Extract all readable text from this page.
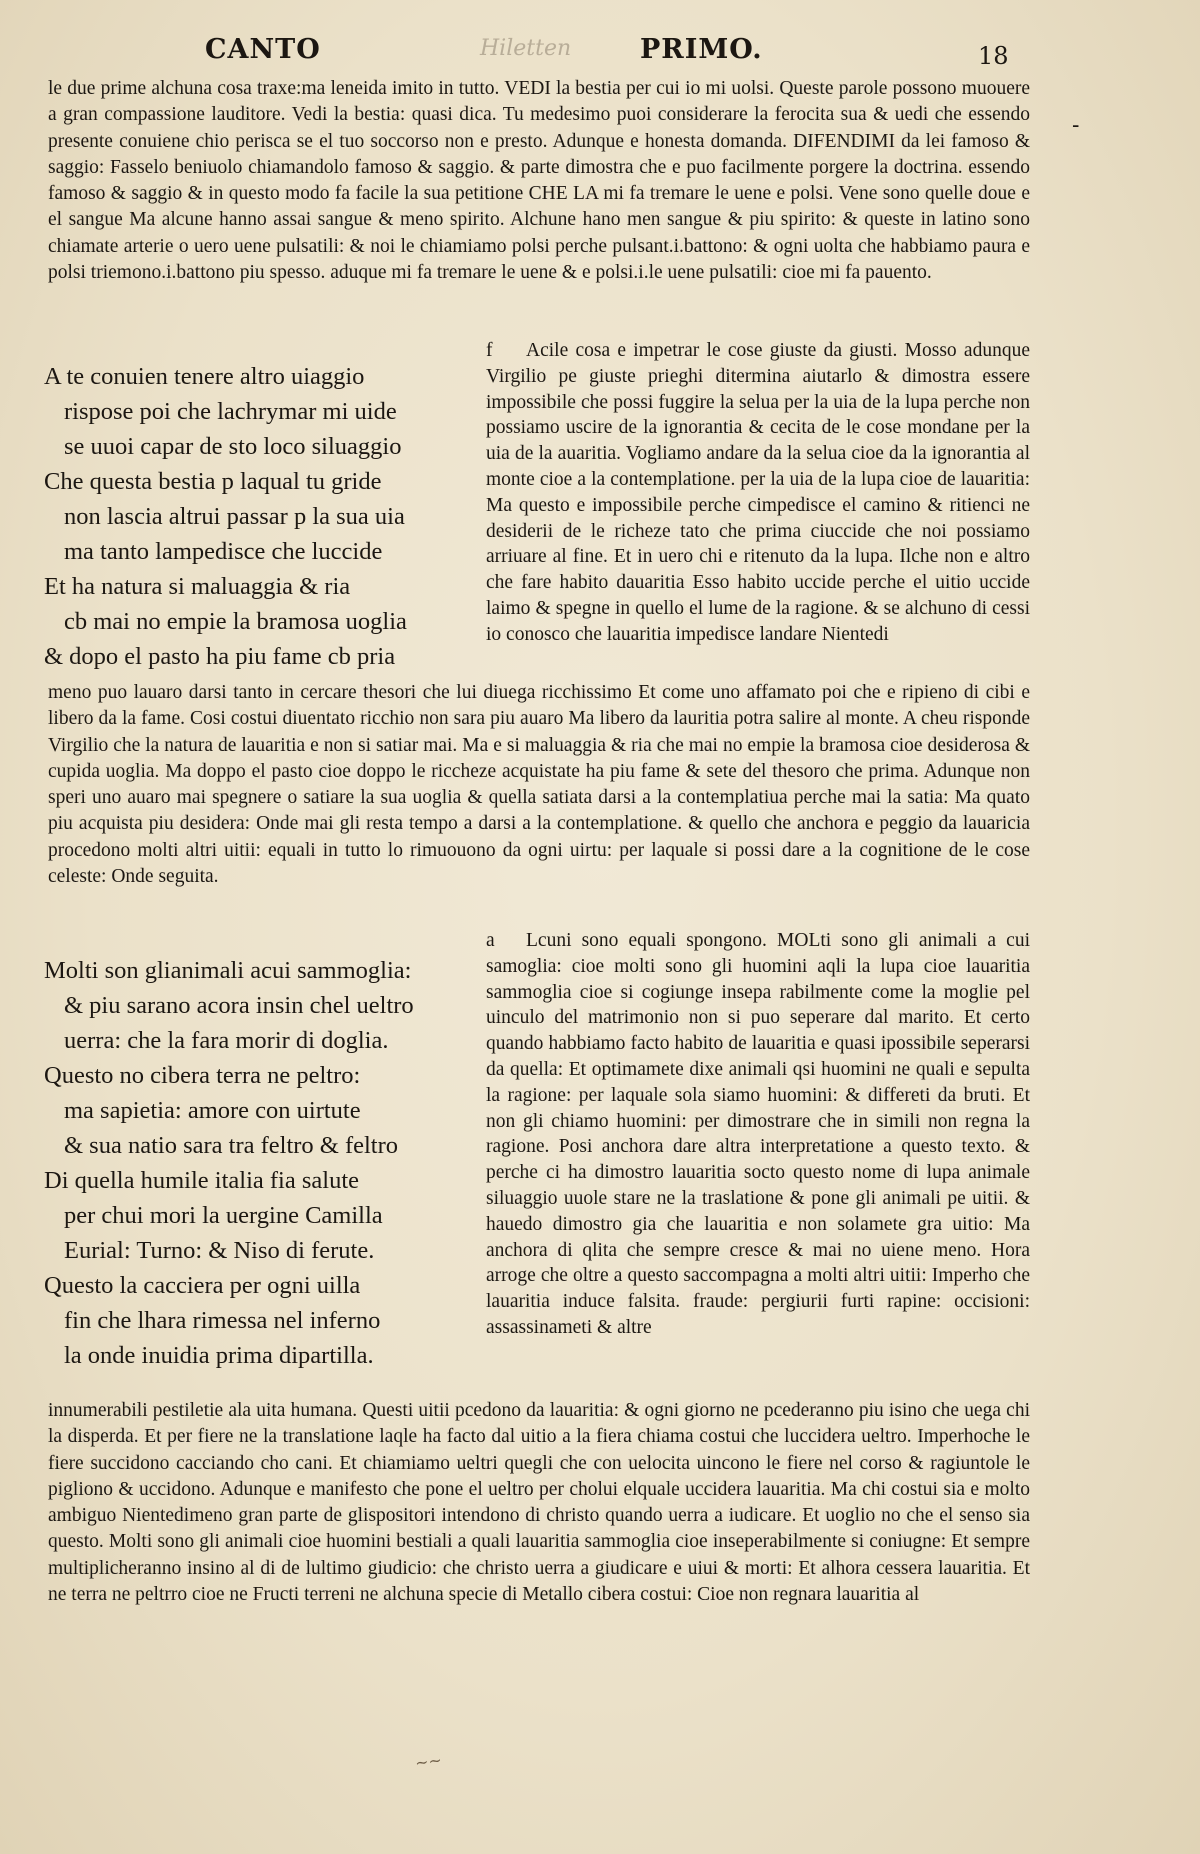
CANTO	Hiletten	PRIMO.	18
-
le due prime alchuna cosa traxe:ma leneida imito in tutto. VEDI la bestia per cui io mi uolsi. Queste parole possono muouere a gran compassione lauditore. Vedi la bestia: quasi dica. Tu medesimo puoi considerare la ferocita sua & uedi che essendo presente conuiene chio perisca se el tuo soccorso non e presto. Adunque e honesta domanda. DIFENDIMI da lei famoso & saggio: Fasselo beniuolo chiamandolo famoso & saggio. & parte dimostra che e puo facilmente porgere la doctrina. essendo famoso & saggio & in questo modo fa facile la sua petitione CHE LA mi fa tremare le uene e polsi. Vene sono quelle doue e el sangue Ma alcune hanno assai sangue & meno spirito. Alchune hano men sangue & piu spirito: & queste in latino sono chiamate arterie o uero uene pulsatili: & noi le chiamiamo polsi perche pulsant.i.battono: & ogni uolta che habbiamo paura e polsi triemono.i.battono piu spesso. aduque mi fa tremare le uene & e polsi.i.le uene pulsatili: cioe mi fa pauento.
A te conuien tenere altro uiaggio
rispose poi che lachrymar mi uide
se uuoi capar de sto loco siluaggio
Che questa bestia p laqual tu gride
non lascia altrui passar p la sua uia
ma tanto lampedisce che luccide
Et ha natura si maluaggia & ria
cb mai no empie la bramosa uoglia
& dopo el pasto ha piu fame cb pria
f Acile cosa e impetrar le cose giuste da giusti. Mosso adunque Virgilio pe giuste prieghi ditermina aiutarlo & dimostra essere impossibile che possi fuggire la selua per la uia de la lupa perche non possiamo uscire de la ignorantia & cecita de le cose mondane per la uia de la auaritia. Vogliamo andare da la selua cioe da la ignorantia al monte cioe a la contemplatione. per la uia de la lupa cioe de lauaritia: Ma questo e impossibile perche cimpedisce el camino & ritienci ne desiderii de le richeze tato che prima ciuccide che noi possiamo arriuare al fine. Et in uero chi e ritenuto da la lupa. Ilche non e altro che fare habito dauaritia Esso habito uccide perche el uitio uccide laimo & spegne in quello el lume de la ragione. & se alchuno di cessi io conosco che lauaritia impedisce landare Nientedi
meno puo lauaro darsi tanto in cercare thesori che lui diuega ricchissimo Et come uno affamato poi che e ripieno di cibi e libero da la fame. Cosi costui diuentato ricchio non sara piu auaro Ma libero da lauritia potra salire al monte. A cheu risponde Virgilio che la natura de lauaritia e non si satiar mai. Ma e si maluaggia & ria che mai no empie la bramosa cioe desiderosa & cupida uoglia. Ma doppo el pasto cioe doppo le riccheze acquistate ha piu fame & sete del thesoro che prima. Adunque non speri uno auaro mai spegnere o satiare la sua uoglia & quella satiata darsi a la contemplatiua perche mai la satia: Ma quato piu acquista piu desidera: Onde mai gli resta tempo a darsi a la contemplatione. & quello che anchora e peggio da lauaricia procedono molti altri uitii: equali in tutto lo rimuouono da ogni uirtu: per laquale si possi dare a la cognitione de le cose celeste: Onde seguita.
Molti son glianimali acui sammoglia:
& piu sarano acora insin chel ueltro
uerra: che la fara morir di doglia.
Questo no cibera terra ne peltro:
ma sapietia: amore con uirtute
& sua natio sara tra feltro & feltro
Di quella humile italia fia salute
per chui mori la uergine Camilla
Eurial: Turno: & Niso di ferute.
Questo la cacciera per ogni uilla
fin che lhara rimessa nel inferno
la onde inuidia prima dipartilla.
a Lcuni sono equali spongono. MOLti sono gli animali a cui samoglia: cioe molti sono gli huomini aqli la lupa cioe lauaritia sammoglia cioe si cogiunge insepa rabilmente come la moglie pel uinculo del matrimonio non si puo seperare dal marito. Et certo quando habbiamo facto habito de lauaritia e quasi ipossibile seperarsi da quella: Et optimamete dixe animali qsi huomini ne quali e sepulta la ragione: per laquale sola siamo huomini: & differeti da bruti. Et non gli chiamo huomini: per dimostrare che in simili non regna la ragione. Posi anchora dare altra interpretatione a questo texto. & perche ci ha dimostro lauaritia socto questo nome di lupa animale siluaggio uuole stare ne la traslatione & pone gli animali pe uitii. & hauedo dimostro gia che lauaritia e non solamete gra uitio: Ma anchora di qlita che sempre cresce & mai no uiene meno. Hora arroge che oltre a questo saccompagna a molti altri uitii: Imperho che lauaritia induce falsita. fraude: pergiurii furti rapine: occisioni: assassinameti & altre
innumerabili pestiletie ala uita humana. Questi uitii pcedono da lauaritia: & ogni giorno ne pcederanno piu isino che uega chi la disperda. Et per fiere ne la translatione laqle ha facto dal uitio a la fiera chiama costui che luccidera ueltro. Imperhoche le fiere succidono cacciando cho cani. Et chiamiamo ueltri quegli che con uelocita uincono le fiere nel corso & ragiuntole le pigliono & uccidono. Adunque e manifesto che pone el ueltro per cholui elquale uccidera lauaritia. Ma chi costui sia e molto ambiguo Nientedimeno gran parte de glispositori intendono di christo quando uerra a iudicare. Et uoglio no che el senso sia questo. Molti sono gli animali cioe huomini bestiali a quali lauaritia sammoglia cioe inseperabilmente si coniugne: Et sempre multiplicheranno insino al di de lultimo giudicio: che christo uerra a giudicare e uiui & morti: Et alhora cessera lauaritia. Et ne terra ne peltrro cioe ne Fructi terreni ne alchuna specie di Metallo cibera costui: Cioe non regnara lauaritia al
~~
